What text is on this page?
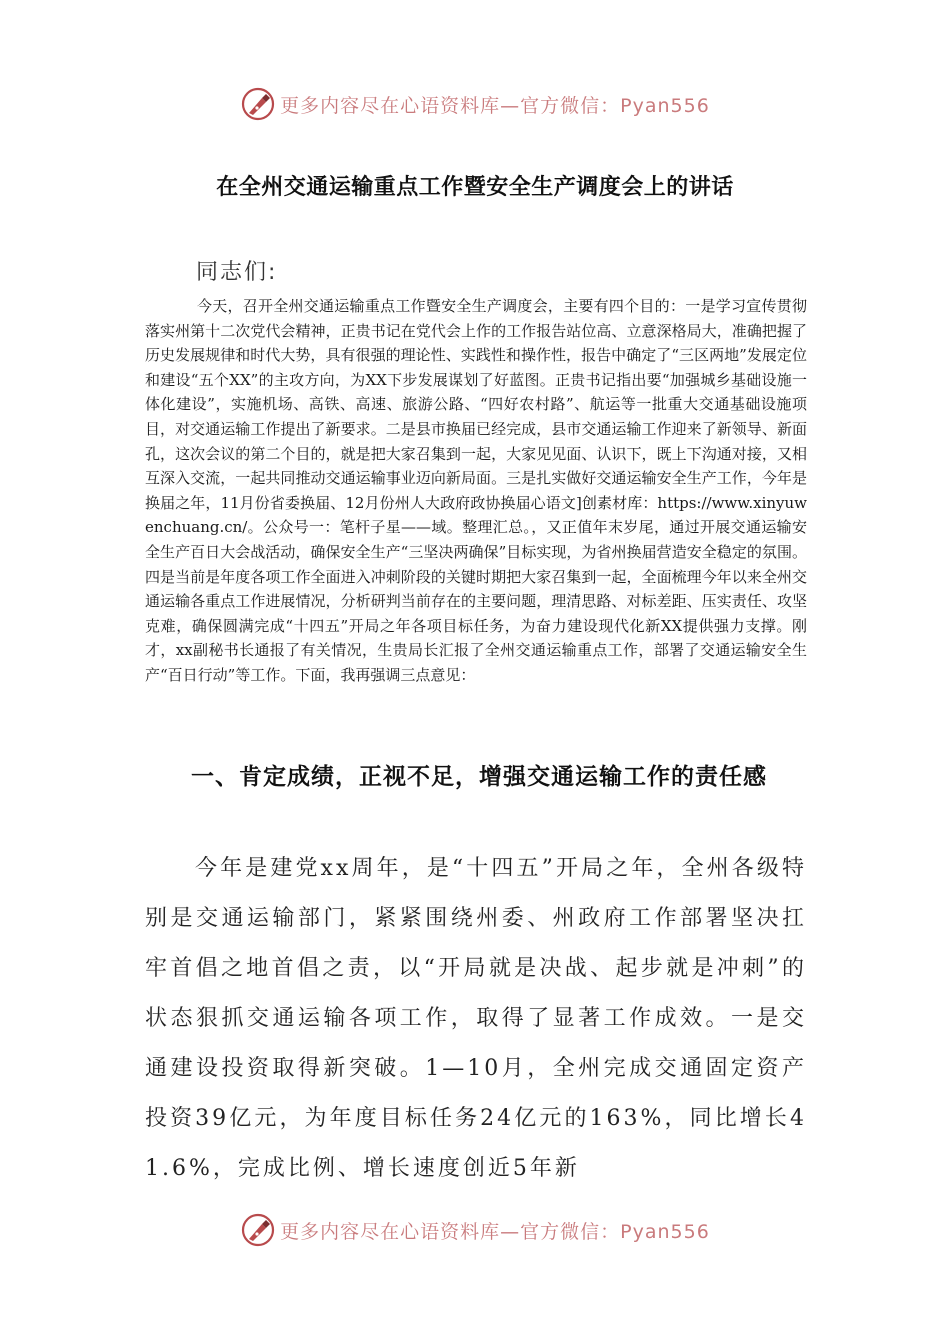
更多内容尽在心语资料库—官方微信：Pyan556
在全州交通运输重点工作暨安全生产调度会上的讲话

同志们:

今天，召开全州交通运输重点工作暨安全生产调度会，主要有四个目的：一是学习宣传贯彻落实州第十二次党代会精神，正贵书记在党代会上作的工作报告站位高、立意深格局大，准确把握了历史发展规律和时代大势，具有很强的理论性、实践性和操作性，报告中确定了“三区两地”发展定位和建设“五个XX”的主攻方向，为XX下步发展谋划了好蓝图。正贵书记指出要“加强城乡基础设施一体化建设”，实施机场、高铁、高速、旅游公路、“四好农村路”、航运等一批重大交通基础设施项目，对交通运输工作提出了新要求。二是县市换届已经完成，县市交通运输工作迎来了新领导、新面孔，这次会议的第二个目的，就是把大家召集到一起，大家见见面、认识下，既上下沟通对接，又相互深入交流，一起共同推动交通运输事业迈向新局面。三是扎实做好交通运输安全生产工作，今年是换届之年，11月份省委换届、12月份州人大政府政协换届心语文]创素材库：https://www.xinyuwenchuang.cn/。公众号一：笔杆子星——域。整理汇总。，又正值年末岁尾，通过开展交通运输安全生产百日大会战活动，确保安全生产“三坚决两确保”目标实现，为省州换届营造安全稳定的氛围。四是当前是年度各项工作全面进入冲刺阶段的关键时期把大家召集到一起，全面梳理今年以来全州交通运输各重点工作进展情况，分析研判当前存在的主要问题，理清思路、对标差距、压实责任、攻坚克难，确保圆满完成“十四五”开局之年各项目标任务，为奋力建设现代化新XX提供强力支撑。刚才，xx副秘书长通报了有关情况，生贵局长汇报了全州交通运输重点工作，部署了交通运输安全生产“百日行动”等工作。下面，我再强调三点意见：

一、肯定成绩，正视不足，增强交通运输工作的责任感

今年是建党xx周年，是“十四五”开局之年，全州各级特别是交通运输部门，紧紧围绕州委、州政府工作部署坚决扛牢首倡之地首倡之责，以“开局就是决战、起步就是冲刺”的状态狠抓交通运输各项工作，取得了显著工作成效。一是交通建设投资取得新突破。1—10月，全州完成交通固定资产投资39亿元，为年度目标任务24亿元的163%，同比增长41.6%，完成比例、增长速度创近5年新

更多内容尽在心语资料库—官方微信：Pyan556
